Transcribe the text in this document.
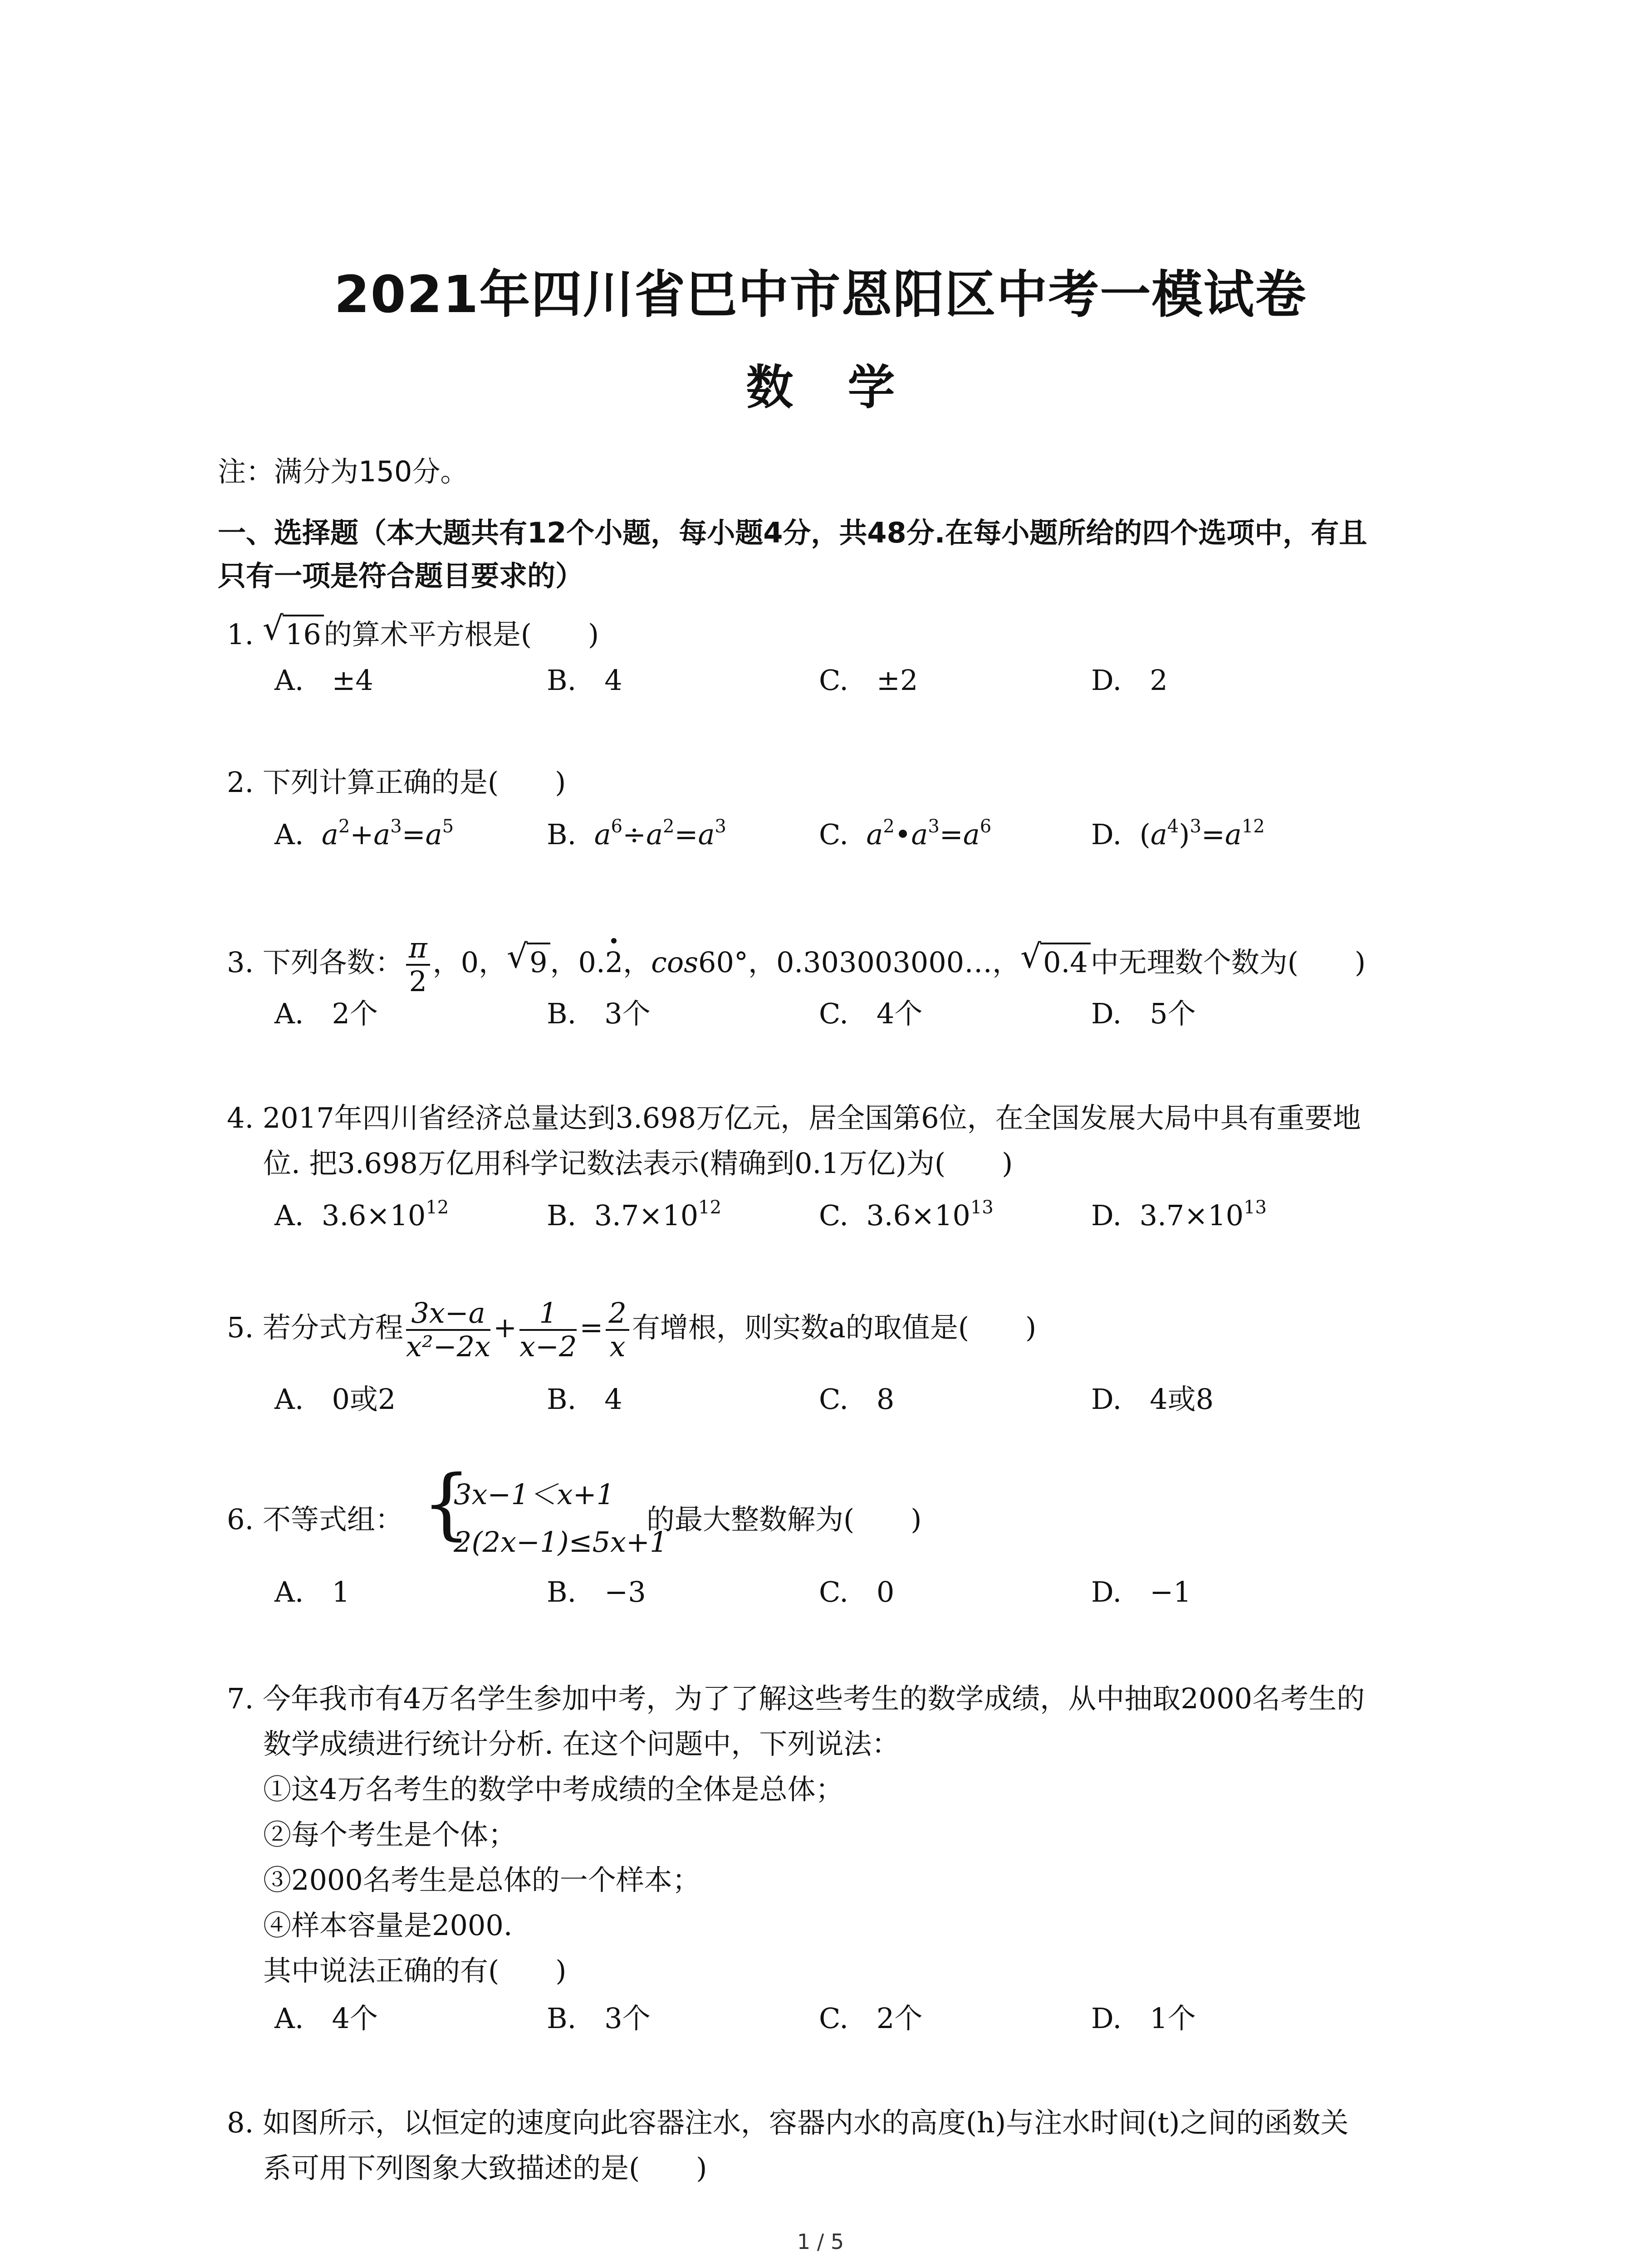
2021年四川省巴中市恩阳区中考一模试卷
数学
注：满分为150分。
一、选择题（本大题共有12个小题，每小题4分，共48分.在每小题所给的四个选项中，有且
只有一项是符合题目要求的）
1. √ 16的算术平方根是(　　)
A.　±4	B.　4	C.　±2	D.　2
2. 下列计算正确的是(　　)
A. $a^2+a^3=a^5$	B. $a^6\div a^2=a^3$	C. $a^2•a^3=a^6$	D.  $(a^4)^3=a^{12}$
3. 下列各数： $\frac{\pi}{2}$ ，0， √ 9，0.2，cos60°，0.303003000…， √ 0.4中无理数个数为(　　)
A.　2个	B.　3个	C.　4个	D.　5个
4. 2017年四川省经济总量达到3.698万亿元，居全国第6位，在全国发展大局中具有重要地
位. 把3.698万亿用科学记数法表示(精确到0.1万亿)为(　　)
A. $3.6\times 10^{12}$	B. $3.7\times 10^{12}$	C. $3.6\times 10^{13}$	D. $3.7\times 10^{13}$
5. 若分式方程 $\frac{3x-a}{\text{x²−2x}} + \frac{1}{x-2} = \frac{2}{x}$ 有增根，则实数a的取值是(　　)
A.　0或2	B.　4	C.　8	D.　4或8
6. 不等式组： {
3x−1＜x+1
2(2x−1)≤5x+1
的最大整数解为(　　)
A.　1	B.　−3	C.　0	D.　−1
7. 今年我市有4万名学生参加中考，为了了解这些考生的数学成绩，从中抽取2000名考生的
数学成绩进行统计分析. 在这个问题中，下列说法：
①这4万名考生的数学中考成绩的全体是总体；
②每个考生是个体；
③2000名考生是总体的一个样本；
④样本容量是2000.
其中说法正确的有(　　)
A.　4个	B.　3个	C.　2个	D.　1个
8. 如图所示，以恒定的速度向此容器注水，容器内水的高度(h)与注水时间(t)之间的函数关
系可用下列图象大致描述的是(　　)
1 / 5
